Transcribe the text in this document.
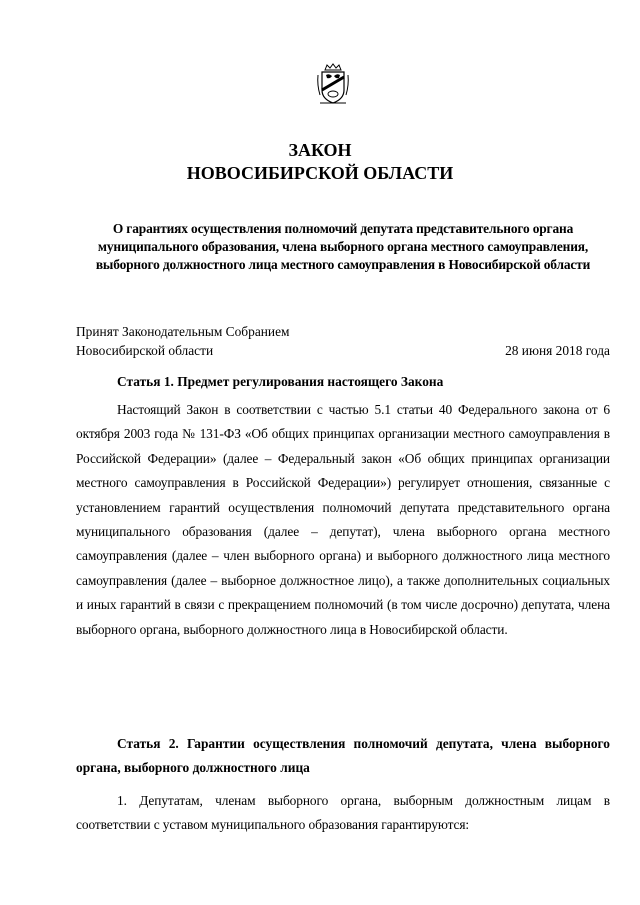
ЗАКОН
НОВОСИБИРСКОЙ ОБЛАСТИ
О гарантиях осуществления полномочий депутата представительного органа муниципального образования, члена выборного органа местного самоуправления, выборного должностного лица местного самоуправления в Новосибирской области
Принят Законодательным Собранием
Новосибирской области	28 июня 2018 года
Статья 1. Предмет регулирования настоящего Закона
Настоящий Закон в соответствии с частью 5.1 статьи 40 Федерального закона от 6 октября 2003 года № 131-ФЗ «Об общих принципах организации местного самоуправления в Российской Федерации» (далее – Федеральный закон «Об общих принципах организации местного самоуправления в Российской Федерации») регулирует отношения, связанные с установлением гарантий осуществления полномочий депутата представительного органа муниципального образования (далее – депутат), члена выборного органа местного самоуправления (далее – член выборного органа) и выборного должностного лица местного самоуправления (далее – выборное должностное лицо), а также дополнительных социальных и иных гарантий в связи с прекращением полномочий (в том числе досрочно) депутата, члена выборного органа, выборного должностного лица в Новосибирской области.
Статья 2. Гарантии осуществления полномочий депутата, члена выборного органа, выборного должностного лица
1. Депутатам, членам выборного органа, выборным должностным лицам в соответствии с уставом муниципального образования гарантируются:
